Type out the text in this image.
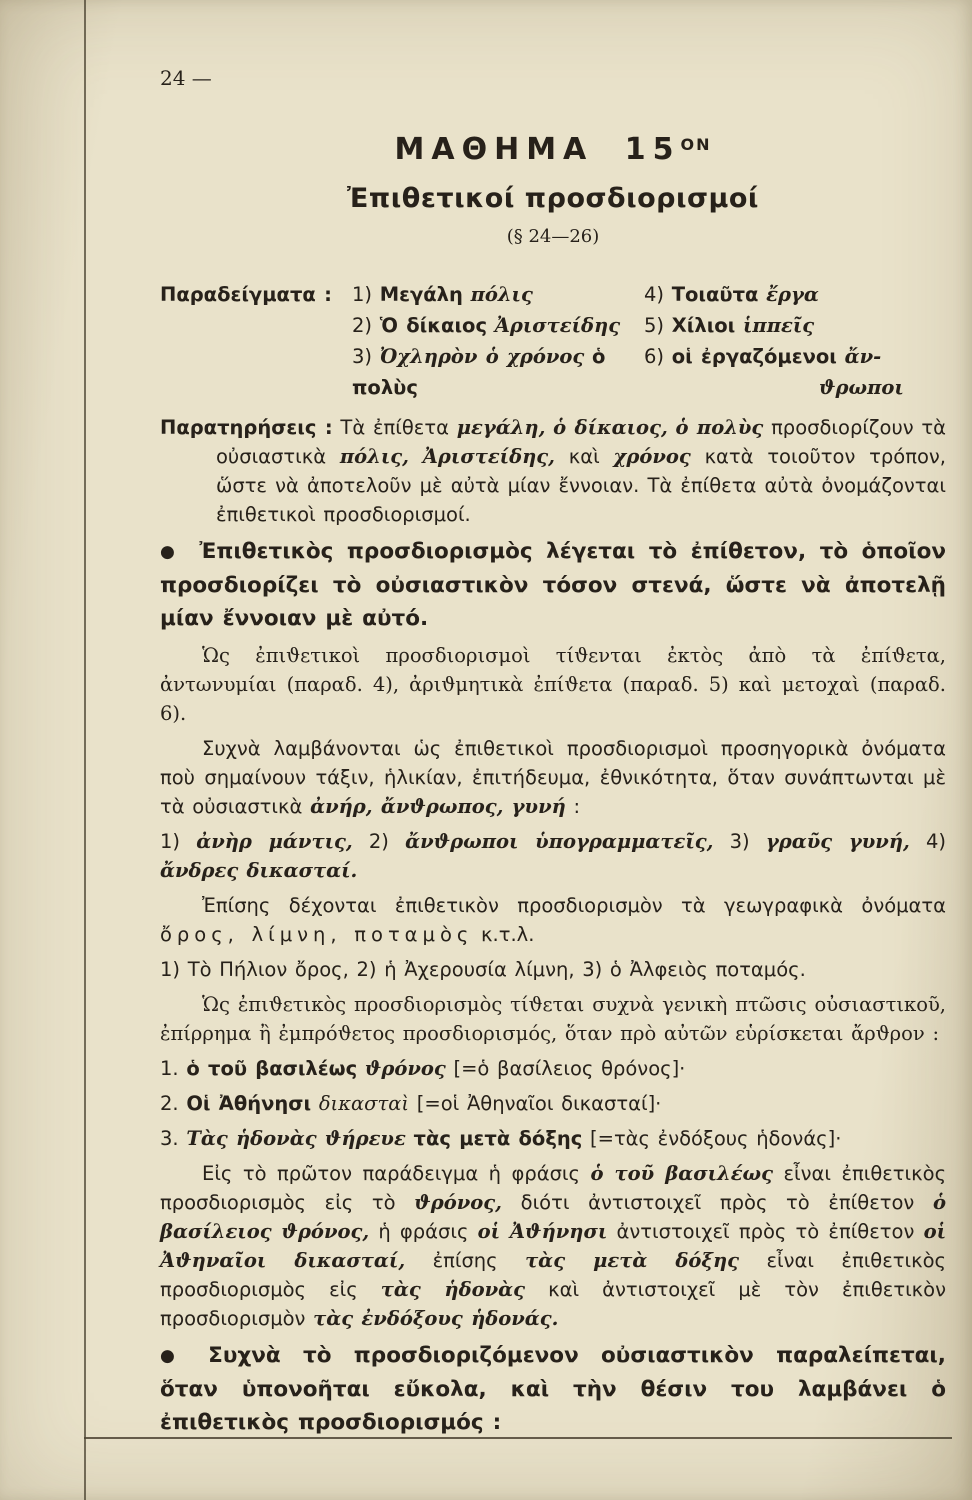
24 —
ΜΑΘΗΜΑ $15^{ON}$
Ἐπιθετικοί προσδιορισμοί
(§ 24—26)
Παραδείγματα :	1) Μεγάλη πόλις
2) Ὁ δίκαιος Ἀριστείδης
3) Ὀχληρὸν ὁ χρόνος ὁ πολὺς
4) Τοιαῦτα ἔργα
5) Χίλιοι ἱππεῖς
6) οἱ ἐργαζόμενοι ἄν-
ϑρωποι

Παρατηρήσεις : Τὰ ἐπίθετα μεγάλη, ὁ δίκαιος, ὁ πολὺς προσδιορίζουν τὰ οὐσιαστικὰ πόλις, Ἀριστείδης, καὶ χρόνος κατὰ τοιοῦτον τρόπον, ὥστε νὰ ἀποτελοῦν μὲ αὐτὰ μίαν ἔννοιαν. Τὰ ἐπίθετα αὐτὰ ὀνομάζονται ἐπιθετικοὶ προσδιορισμοί.

● Ἐπιθετικὸς προσδιορισμὸς λέγεται τὸ ἐπίθετον, τὸ ὁποῖον προσδιορίζει τὸ οὐσιαστικὸν τόσον στενά, ὥστε νὰ ἀποτελῇ μίαν ἔννοιαν μὲ αὐτό.

Ὡς ἐπιϑετικοὶ προσδιορισμοὶ τίϑενται ἐκτὸς ἀπὸ τὰ ἐπίϑετα, ἀντωνυμίαι (παραδ. 4), ἀριϑμητικὰ ἐπίϑετα (παραδ. 5) καὶ μετοχαὶ (παραδ. 6).

Συχνὰ λαμβάνονται ὡς ἐπιθετικοὶ προσδιορισμοὶ προσηγορικὰ ὀνόματα ποὺ σημαίνουν τάξιν, ἡλικίαν, ἐπιτήδευμα, ἐθνικότητα, ὅταν συνάπτωνται μὲ τὰ οὐσιαστικὰ ἀνήρ, ἄνϑρωπος, γυνή :

1) ἀνὴρ μάντις, 2) ἄνϑρωποι ὑπογραμματεῖς, 3) γραῦς γυνή, 4) ἄνδρες δικασταί.

Ἐπίσης δέχονται ἐπιθετικὸν προσδιορισμὸν τὰ γεωγραφικὰ ὀνόματα ὄρος, λίμνη, ποταμὸς κ.τ.λ.

1) Τὸ Πήλιον ὄρος, 2) ἡ Ἀχερουσία λίμνη, 3) ὁ Ἀλφειὸς ποταμός.

Ὡς ἐπιϑετικὸς προσδιορισμὸς τίϑεται συχνὰ γενικὴ πτῶσις οὐσιαστικοῦ, ἐπίρρημα ἢ ἐμπρόϑετος προσδιορισμός, ὅταν πρὸ αὐτῶν εὑρίσκεται ἄρϑρον :

1. ὁ τοῦ βασιλέως ϑρόνος [=ὁ βασίλειος θρόνος]·

2. Οἱ Ἀθήνησι δικασταὶ [=οἱ Ἀθηναῖοι δικασταί]·

3. Τὰς ἡδονὰς ϑήρευε τὰς μετὰ δόξης [=τὰς ἐνδόξους ἡδονάς]·

Εἰς τὸ πρῶτον παράδειγμα ἡ φράσις ὁ τοῦ βασιλέως εἶναι ἐπιθετικὸς προσδιορισμὸς εἰς τὸ ϑρόνος, διότι ἀντιστοιχεῖ πρὸς τὸ ἐπίθετον ὁ βασίλειος ϑρόνος, ἡ φράσις οἱ Ἀϑήνησι ἀντιστοιχεῖ πρὸς τὸ ἐπίθετον οἱ Ἀϑηναῖοι δικασταί, ἐπίσης τὰς μετὰ δόξης εἶναι ἐπιθετικὸς προσδιορισμὸς εἰς τὰς ἡδονὰς καὶ ἀντιστοιχεῖ μὲ τὸν ἐπιθετικὸν προσδιορισμὸν τὰς ἐνδόξους ἡδονάς.

● Συχνὰ τὸ προσδιοριζόμενον οὐσιαστικὸν παραλείπεται, ὅταν ὑπονοῆται εὔκολα, καὶ τὴν θέσιν του λαμβάνει ὁ ἐπιθετικὸς προσδιορισμός :
